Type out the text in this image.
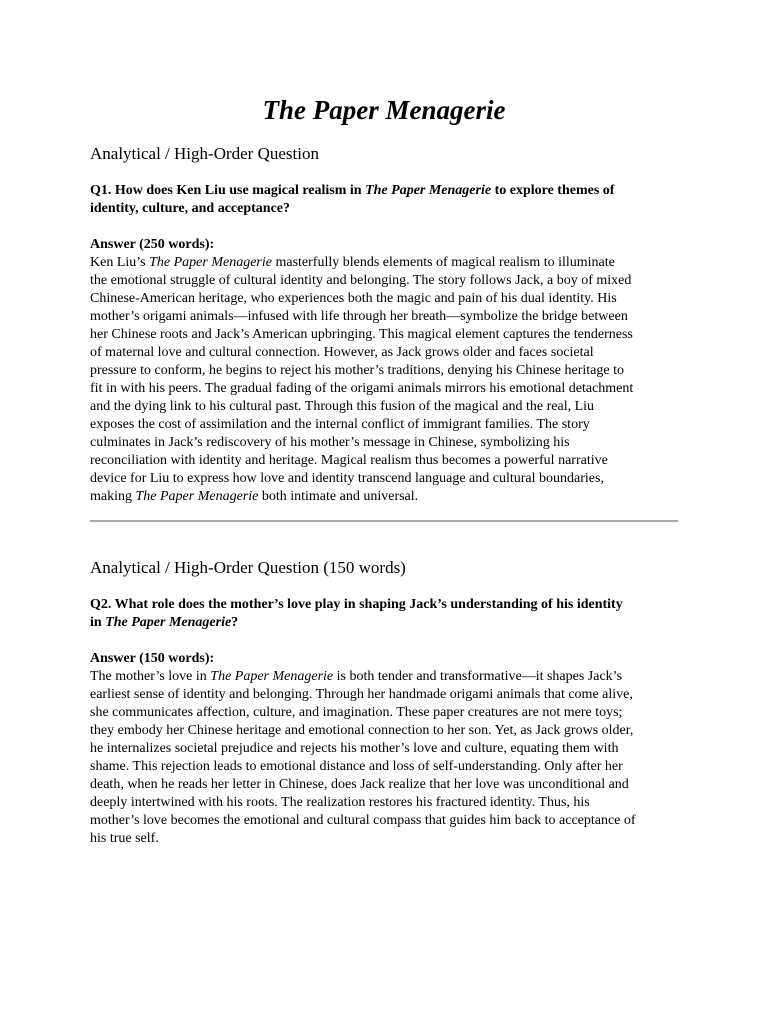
The Paper Menagerie
Analytical / High-Order Question

Q1. How does Ken Liu use magical realism in The Paper Menagerie to explore themes of
identity, culture, and acceptance?

Answer (250 words):
Ken Liu’s The Paper Menagerie masterfully blends elements of magical realism to illuminate
the emotional struggle of cultural identity and belonging. The story follows Jack, a boy of mixed
Chinese-American heritage, who experiences both the magic and pain of his dual identity. His
mother’s origami animals—infused with life through her breath—symbolize the bridge between
her Chinese roots and Jack’s American upbringing. This magical element captures the tenderness
of maternal love and cultural connection. However, as Jack grows older and faces societal
pressure to conform, he begins to reject his mother’s traditions, denying his Chinese heritage to
fit in with his peers. The gradual fading of the origami animals mirrors his emotional detachment
and the dying link to his cultural past. Through this fusion of the magical and the real, Liu
exposes the cost of assimilation and the internal conflict of immigrant families. The story
culminates in Jack’s rediscovery of his mother’s message in Chinese, symbolizing his
reconciliation with identity and heritage. Magical realism thus becomes a powerful narrative
device for Liu to express how love and identity transcend language and cultural boundaries,
making The Paper Menagerie both intimate and universal.
Analytical / High-Order Question (150 words)

Q2. What role does the mother’s love play in shaping Jack’s understanding of his identity
in The Paper Menagerie?

Answer (150 words):
The mother’s love in The Paper Menagerie is both tender and transformative—it shapes Jack’s
earliest sense of identity and belonging. Through her handmade origami animals that come alive,
she communicates affection, culture, and imagination. These paper creatures are not mere toys;
they embody her Chinese heritage and emotional connection to her son. Yet, as Jack grows older,
he internalizes societal prejudice and rejects his mother’s love and culture, equating them with
shame. This rejection leads to emotional distance and loss of self-understanding. Only after her
death, when he reads her letter in Chinese, does Jack realize that her love was unconditional and
deeply intertwined with his roots. The realization restores his fractured identity. Thus, his
mother’s love becomes the emotional and cultural compass that guides him back to acceptance of
his true self.
